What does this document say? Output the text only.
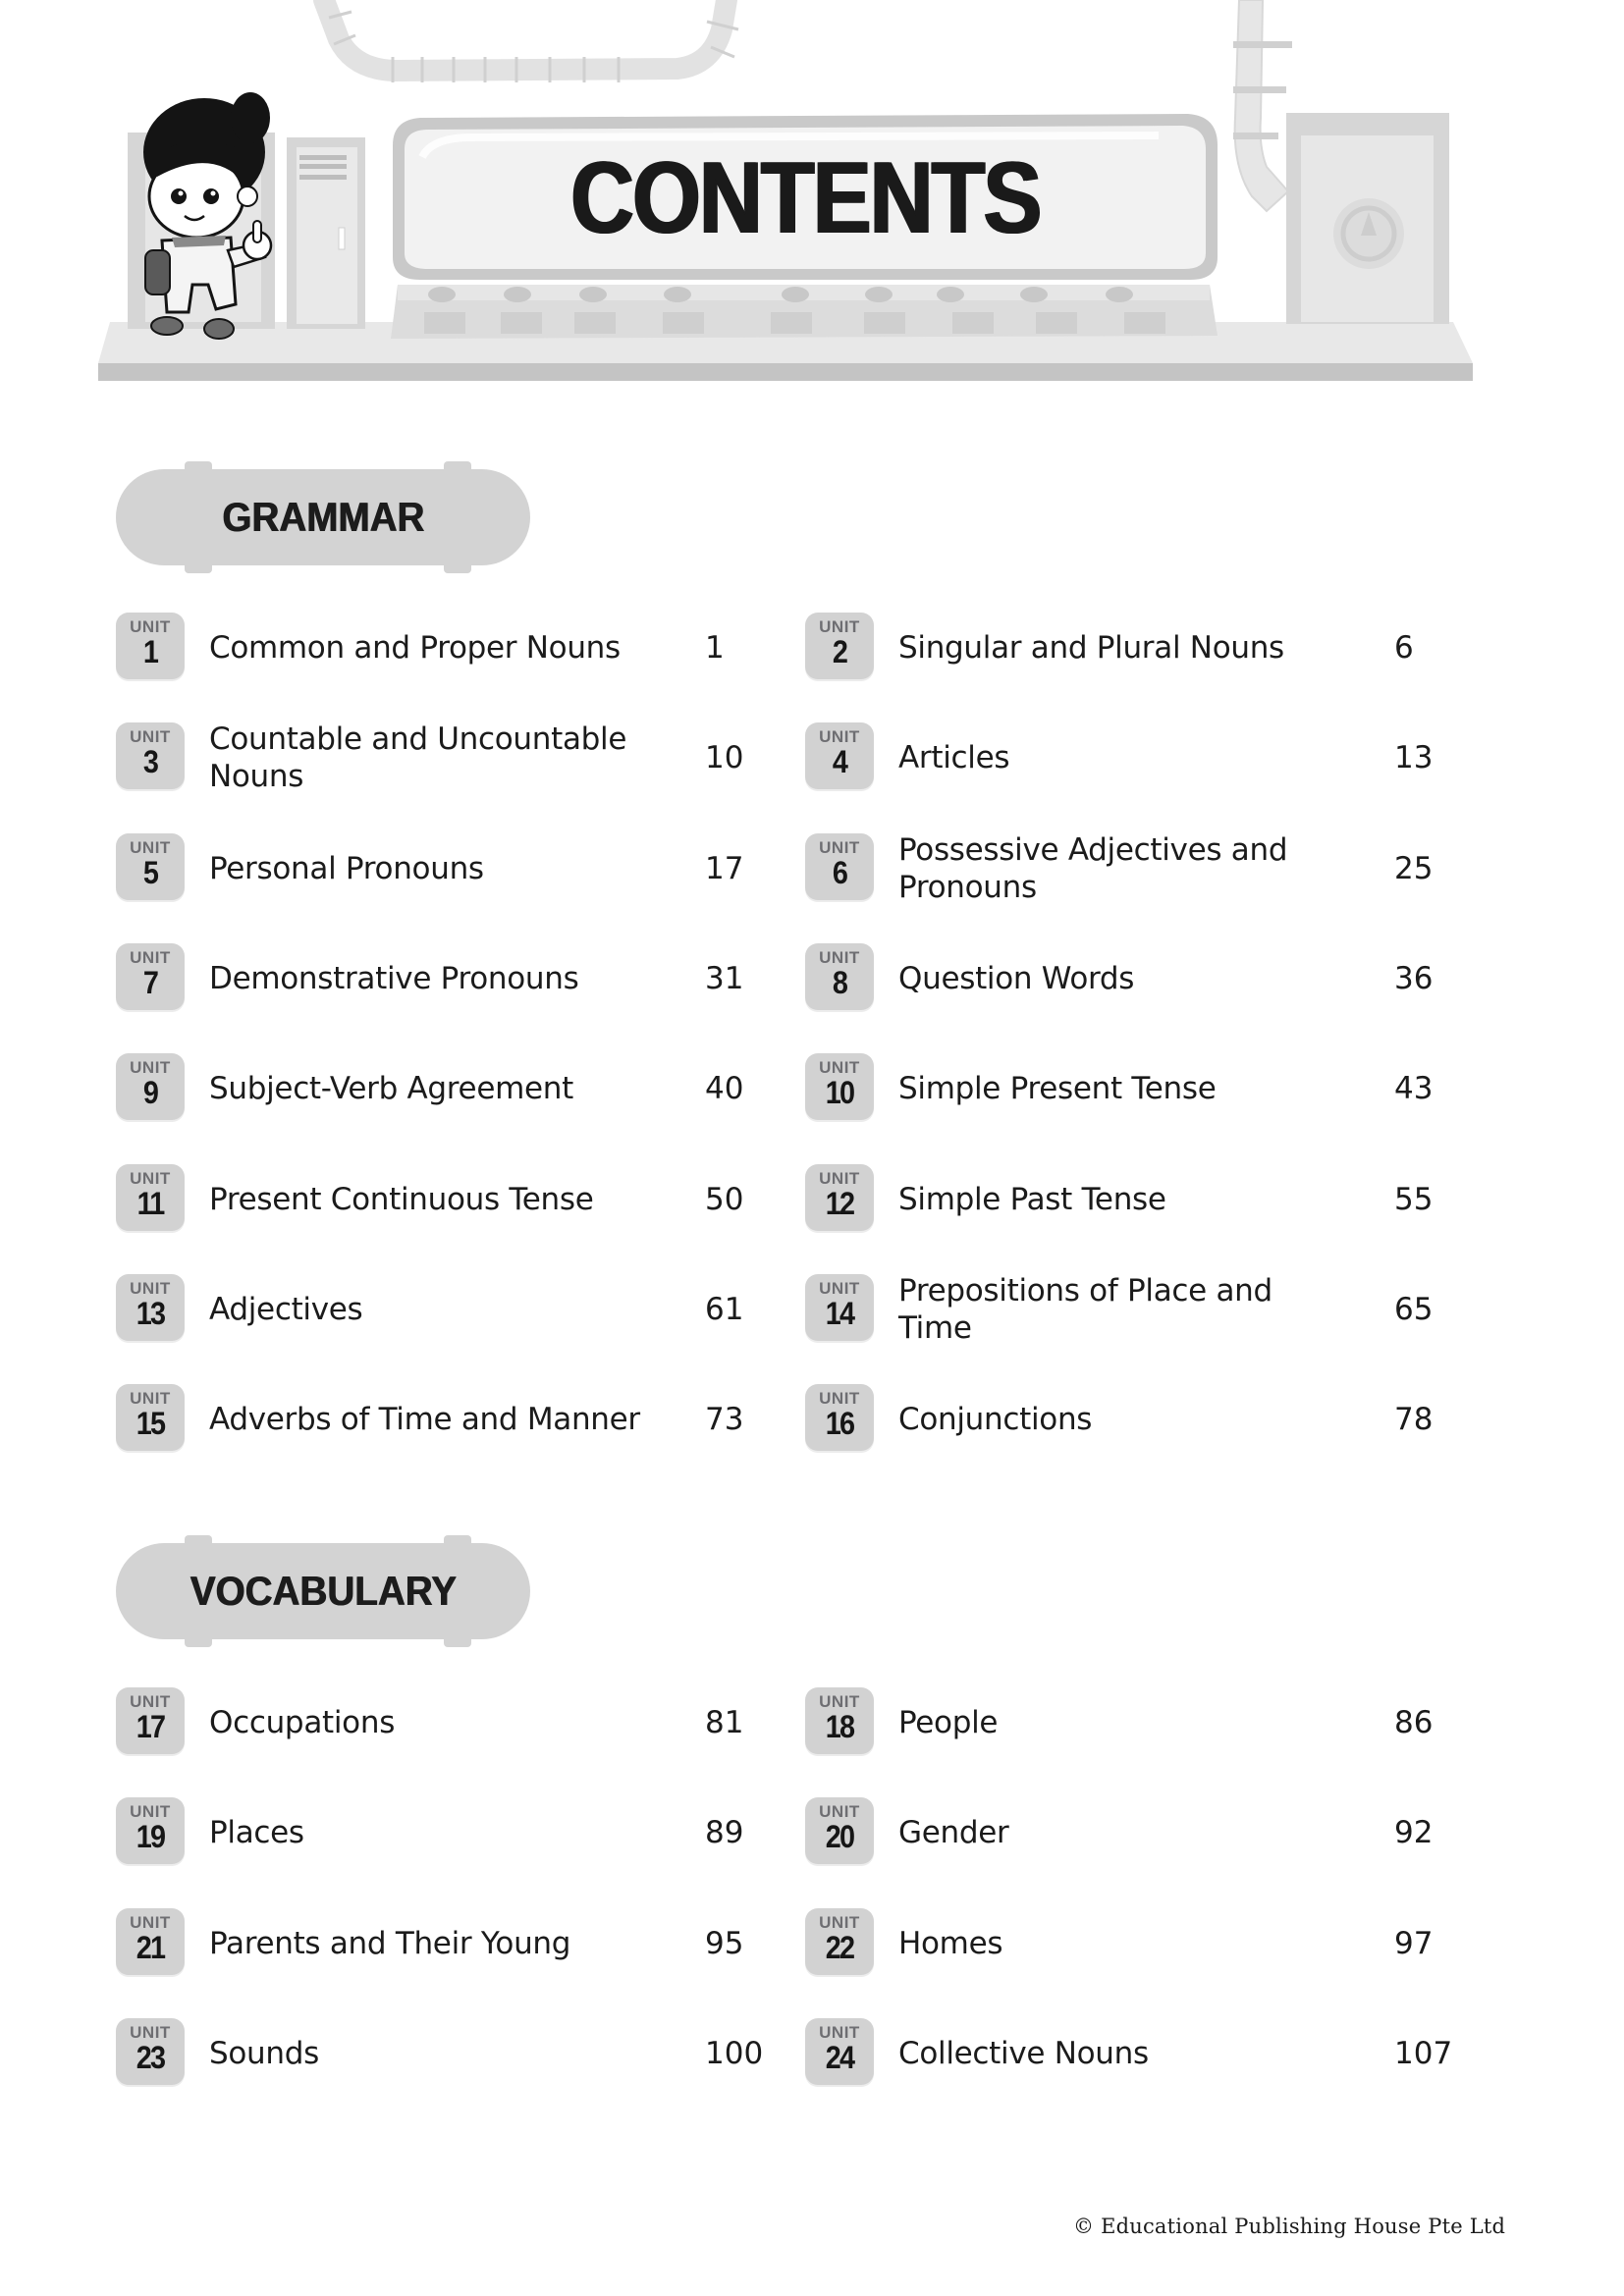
CONTENTS
GRAMMAR
UNIT
1	Common and Proper Nouns	1
UNIT
2	Singular and Plural Nouns	6
UNIT
3
Countable and Uncountable Nouns
10
UNIT
4	Articles	13
UNIT
5	Personal Pronouns	17
UNIT
6
Possessive Adjectives and Pronouns
25
UNIT
7	Demonstrative Pronouns	31
UNIT
8	Question Words	36
UNIT
9	Subject-Verb Agreement	40
UNIT
10	Simple Present Tense	43
UNIT
11	Present Continuous Tense	50
UNIT
12	Simple Past Tense	55
UNIT
13	Adjectives	61
UNIT
14
Prepositions of Place and Time
65
UNIT
15	Adverbs of Time and Manner	73
UNIT
16	Conjunctions	78
VOCABULARY
UNIT
17	Occupations	81
UNIT
18	People	86
UNIT
19	Places	89
UNIT
20	Gender	92
UNIT
21	Parents and Their Young	95
UNIT
22	Homes	97
UNIT
23	Sounds	100
UNIT
24	Collective Nouns	107
© Educational Publishing House Pte Ltd
